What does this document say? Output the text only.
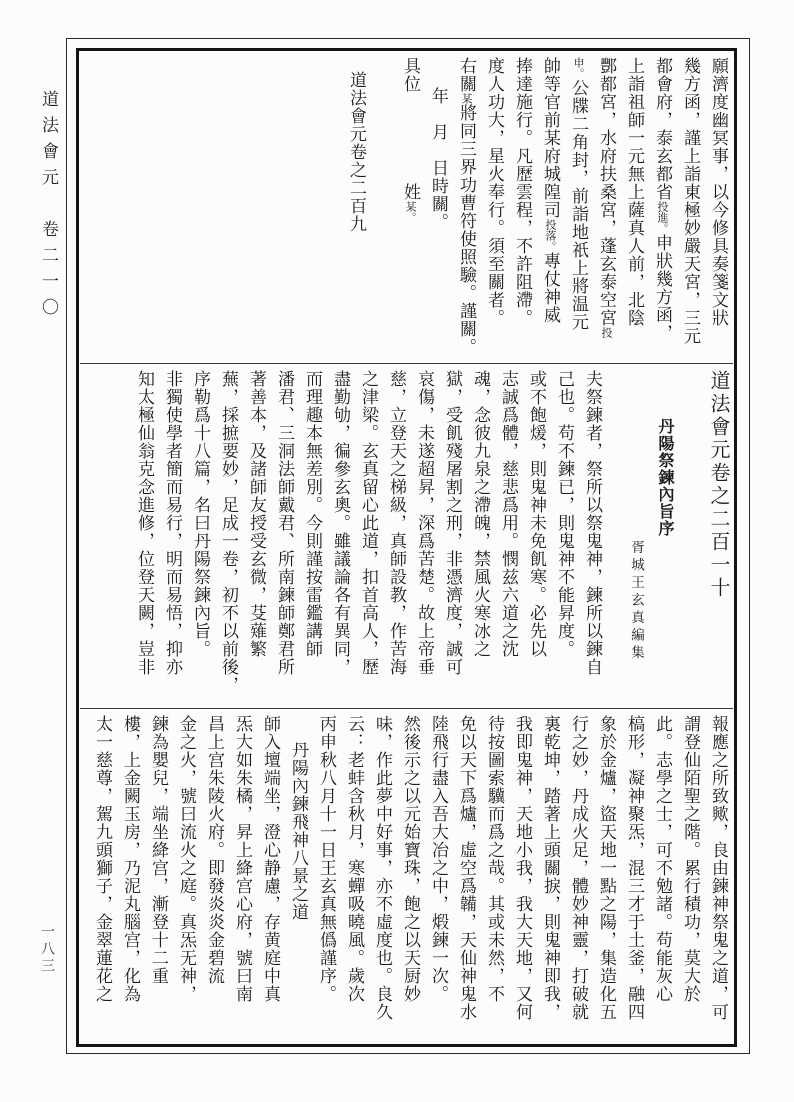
道法會元　卷二一〇
一八三
願濟度幽冥事，以今修具奏箋文狀
幾方函，謹上詣東極妙嚴天宮，三元
都會府，泰玄都省投進。申狀幾方函，
上詣祖師一元無上薩真人前，北陰
酆都宮，水府扶桑宮，蓬玄泰空宮投
申。公牒二角封，前詣地祇上將温元
帥等官前某府城隍司投落。專仗神威
捧達施行。凡歷雲程，不許阻滯。
度人功大，星火奉行。須至關者。
右關某將同三界功曹符使照驗。謹關。
年　月　日時關。
具位姓某。
道法會元卷之二百九
道法會元卷之二百一十
丹陽祭鍊內旨序
胥城王玄真編集
夫祭鍊者，祭所以祭鬼神，鍊所以鍊自
己也。苟不鍊已，則鬼神不能昇度。
或不飽煖，則鬼神未免飢寒。必先以
志誠爲體，慈悲爲用。憫兹六道之沈
魂，念彼九泉之滯魄，禁風火寒冰之
獄，受飢殘屠割之刑，非憑濟度，誠可
哀傷，未遂超昇，深爲苦楚。故上帝垂
慈，立登天之梯級，真師設教，作苦海
之津梁。玄真留心此道，扣首高人，歷
盡勤劬，徧參玄奧。雖議論各有異同，
而理趣本無差別。今則謹按雷鑑講師
潘君、三洞法師戴君、所南鍊師鄭君所
著善本，及諸師友授受玄微，芟薙繁
蕪，採摭要妙，足成一卷，初不以前後，
序勒爲十八篇，名曰丹陽祭鍊內旨。
非獨使學者簡而易行，明而易悟，抑亦
知太極仙翁克念進修，位登天闕，豈非
報應之所致歟，良由鍊神祭鬼之道，可
謂登仙陌聖之階。累行積功，莫大於
此。志學之士，可不勉諸。苟能灰心
槁形，凝神聚炁，混三才于土釜，融四
象於金爐，盜天地一點之陽，集造化五
行之妙，丹成火足，體妙神靈，打破就
裏乾坤，踏著上頭關捩，則鬼神即我，
我即鬼神，天地小我，我大天地，又何
待按圖索驥而爲之哉。其或未然，不
免以天下爲爐，虛空爲韛，天仙神鬼水
陸飛行盡入吾大冶之中，煅鍊一次。
然後示之以元始寶珠，飽之以天厨妙
味，作此夢中好事，亦不虛度也。良久
云：老蚌含秋月，寒蟬吸曉風。歲次
丙申秋八月十一日王玄真無僞謹序。
丹陽內鍊飛神八景之道
師入壇端坐，澄心静慮，存黄庭中真
炁大如朱橘，昇上絳宫心府，號曰南
昌上宫朱陵火府。即發炎炎金碧流
金之火，號曰流火之庭。真炁无神，
鍊為嬰兒，端坐絳宫，漸登十二重
樓，上金闕玉房，乃泥丸腦宫，化為
太一慈尊，駕九頭獅子，金翠蓮花之
